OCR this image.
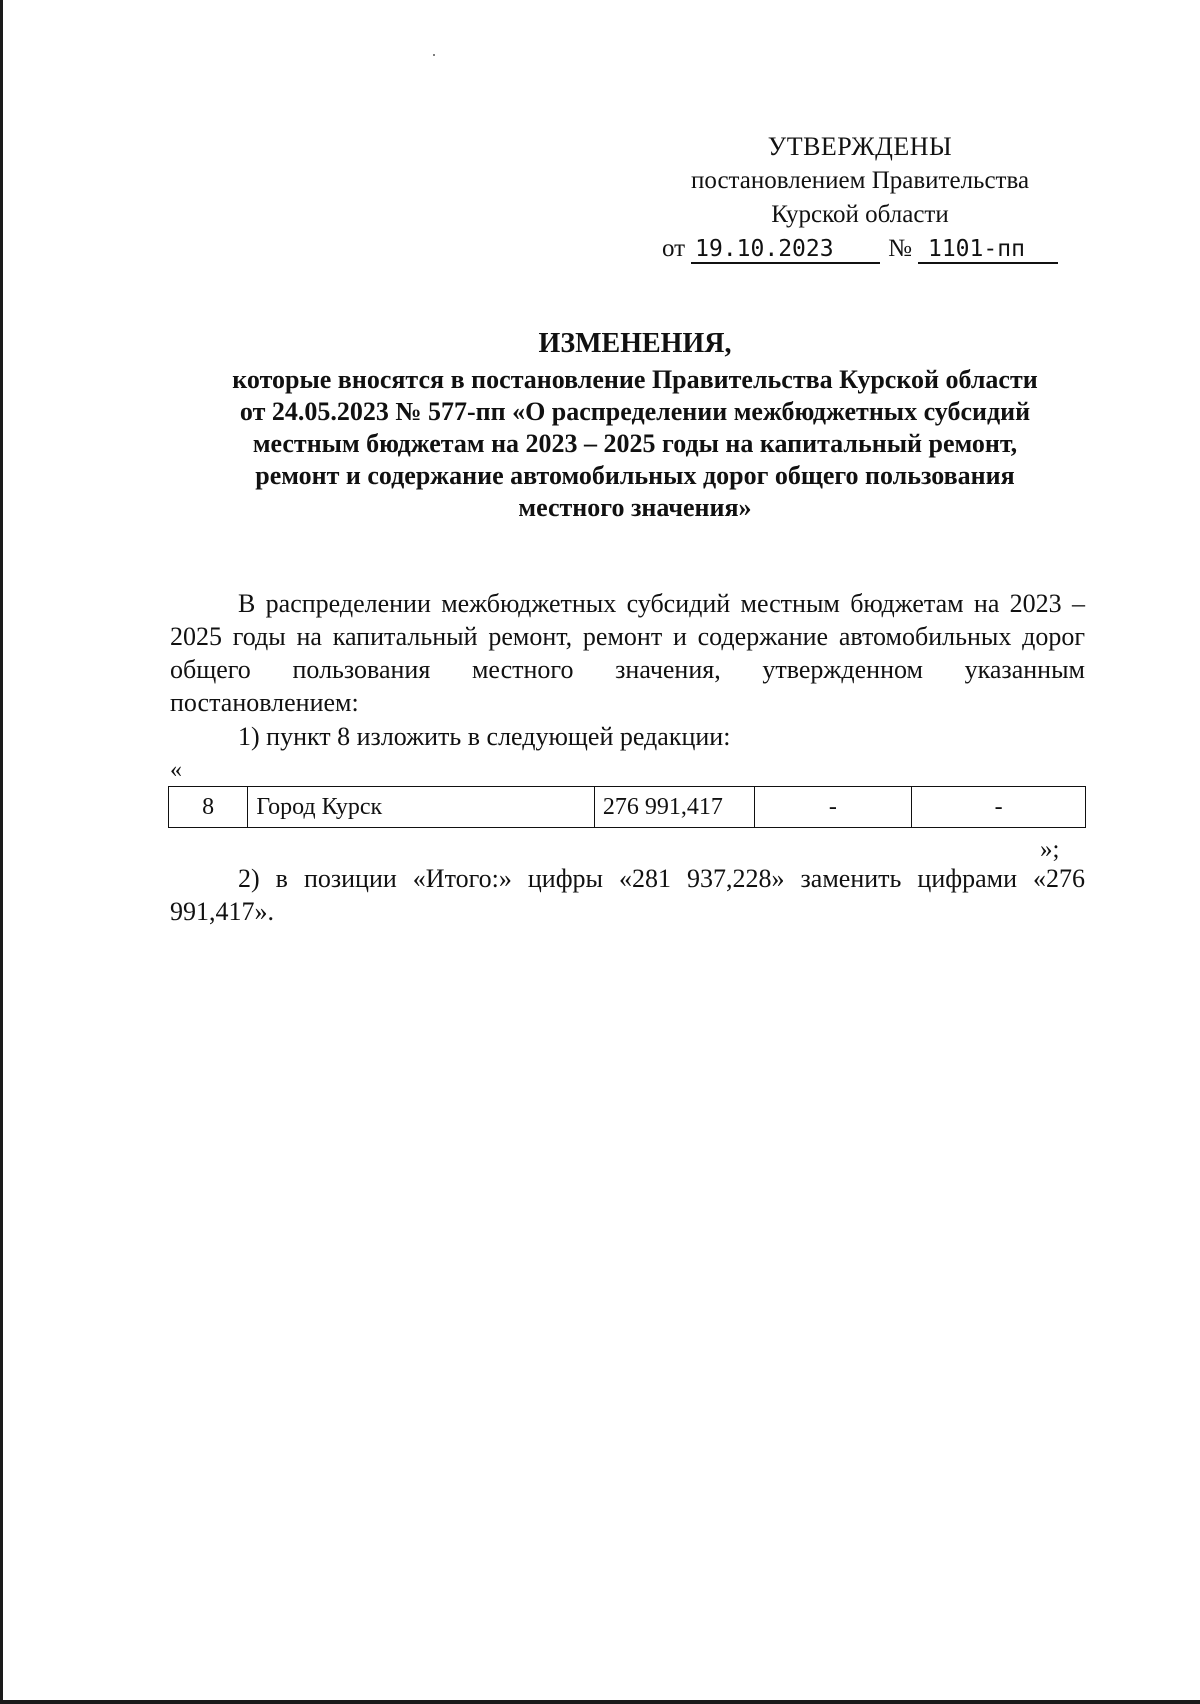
УТВЕРЖДЕНЫ
постановлением Правительства
Курской области
от 19.10.2023	№ 1101-пп
ИЗМЕНЕНИЯ,
которые вносятся в постановление Правительства Курской области
от 24.05.2023 № 577-пп «О распределении межбюджетных субсидий
местным бюджетам на 2023 – 2025 годы на капитальный ремонт,
ремонт и содержание автомобильных дорог общего пользования
местного значения»
В распределении межбюджетных субсидий местным бюджетам на 2023 – 2025 годы на капитальный ремонт, ремонт и содержание автомобильных дорог общего пользования местного значения, утвержденном указанным постановлением:
1) пункт 8 изложить в следующей редакции:
«
8	Город Курск	276 991,417	-	-
»;
2) в позиции «Итого:» цифры «281 937,228» заменить цифрами «276 991,417».
